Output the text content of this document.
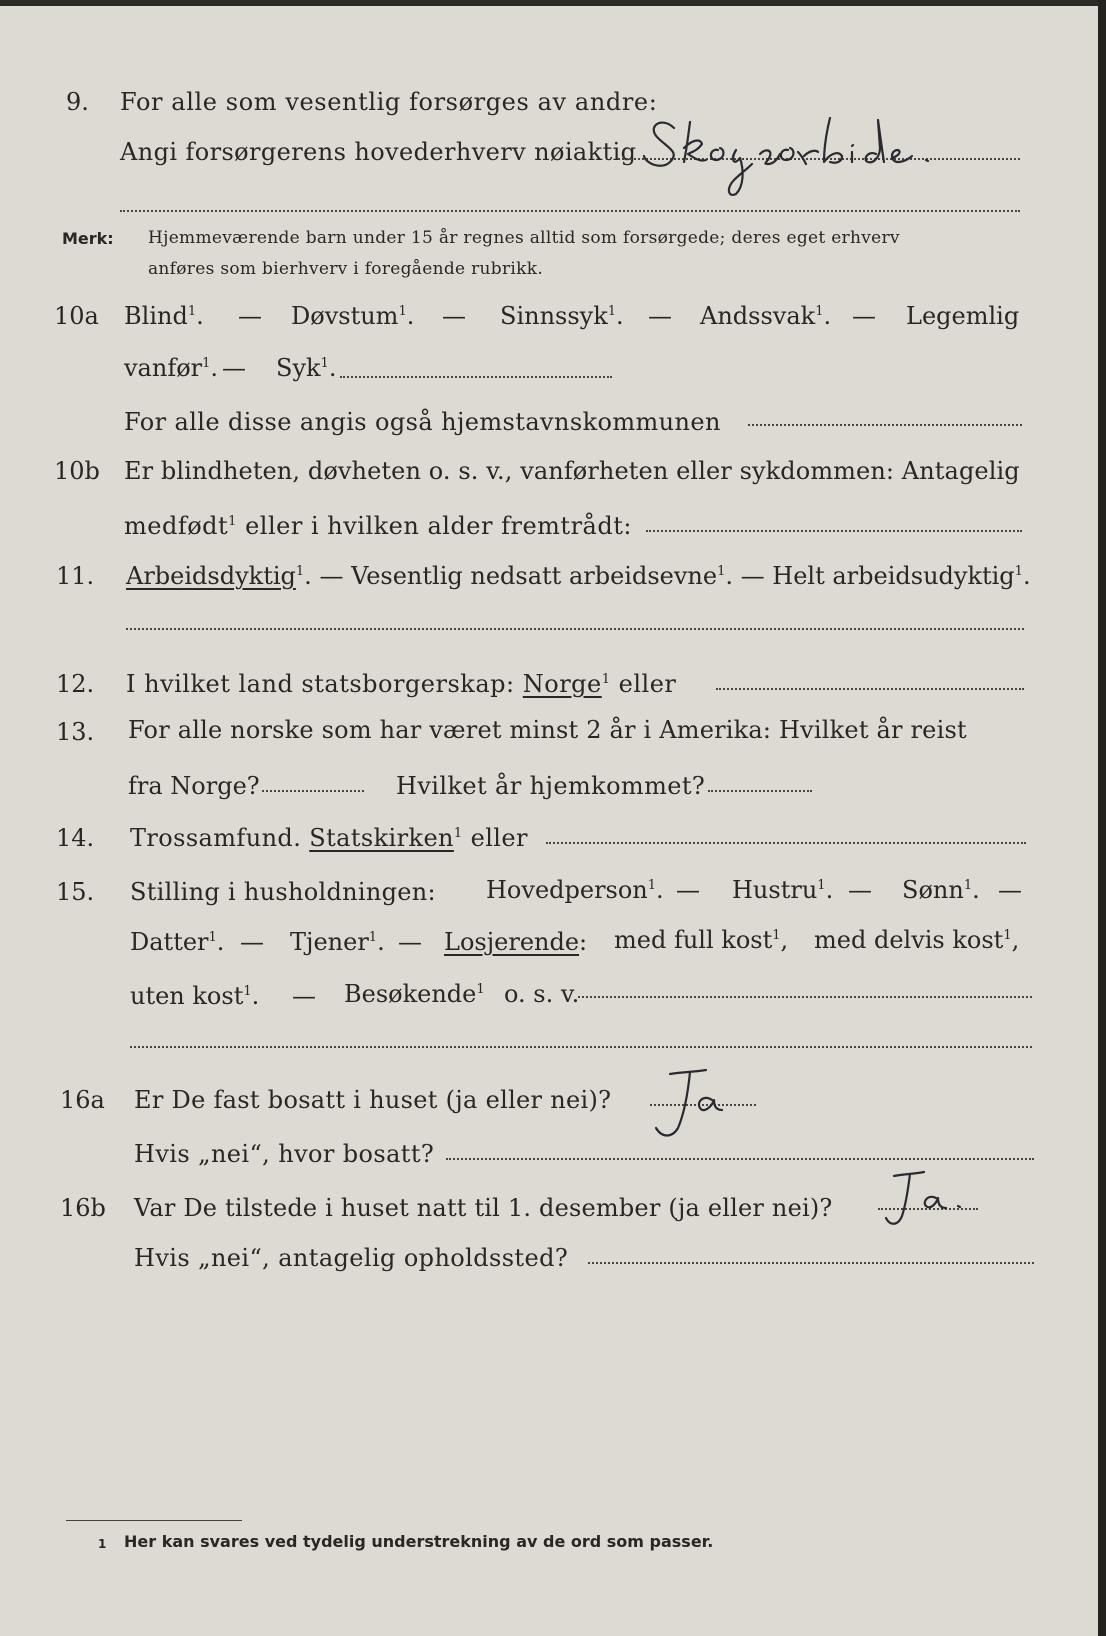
9. For alle som vesentlig forsørges av andre:
Angi forsørgerens hovederhverv nøiaktig
Merk: Hjemmeværende barn under 15 år regnes alltid som forsørgede; deres eget erhverv
anføres som bierhverv i foregående rubrikk.
10a Blind$^1$. — Døvstum$^1$. — Sinnssyk$^1$. — Andssvak$^1$. — Legemlig
vanfør$^1$. — Syk$^1$.
For alle disse angis også hjemstavnskommunen
10b Er blindheten, døvheten o. s. v., vanførheten eller sykdommen: Antagelig
medfødt$^1$ eller i hvilken alder fremtrådt:
11. Arbeidsdyktig$^1$. — Vesentlig nedsatt arbeidsevne$^1$. — Helt arbeidsudyktig$^1$.
12. I hvilket land statsborgerskap: Norge$^1$ eller
13. For alle norske som har været minst 2 år i Amerika: Hvilket år reist
fra Norge?	Hvilket år hjemkommet?
14. Trossamfund. Statskirken$^1$ eller
15. Stilling i husholdningen: Hovedperson$^1$. — Hustru$^1$. — Sønn$^1$. —
Datter$^1$. — Tjener$^1$. — Losjerende: med full kost$^1$, med delvis kost$^1$,
uten kost$^1$. — Besøkende$^1$ o. s. v.
16a Er De fast bosatt i huset (ja eller nei)?
Hvis „nei“, hvor bosatt?
16b Var De tilstede i huset natt til 1. desember (ja eller nei)?
Hvis „nei“, antagelig opholdssted?
1 Her kan svares ved tydelig understrekning av de ord som passer.
